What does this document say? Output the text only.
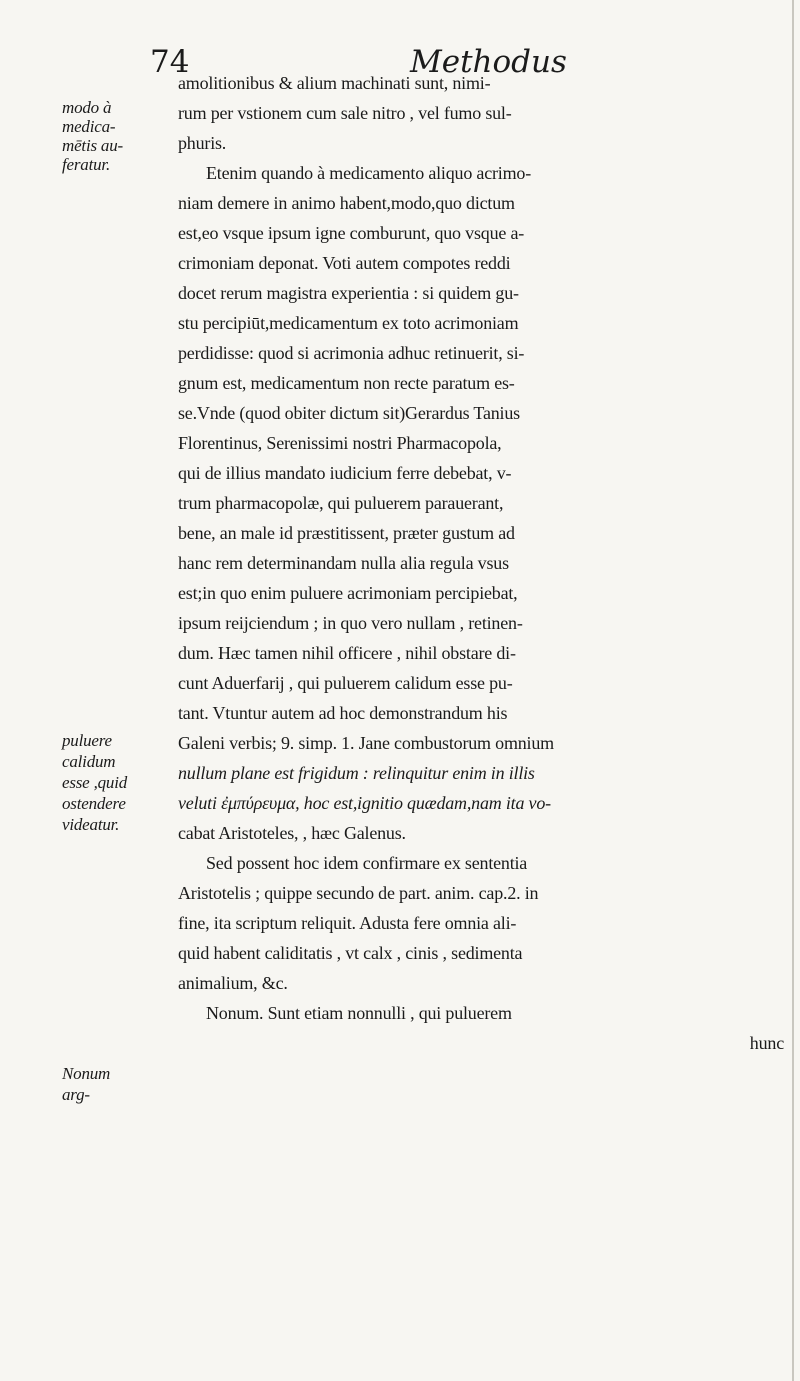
74	Methodus
modo à
medica-
mētis au-
feratur.
puluere
calidum
esse ,quid
ostendere
videatur.
Nonum
arg-
amolitionibus & alium machinati sunt, nimi-
rum per vstionem cum sale nitro , vel fumo sul-
phuris.
Etenim quando à medicamento aliquo acrimo-
niam demere in animo habent,modo,quo dictum
est,eo vsque ipsum igne comburunt, quo vsque a-
crimoniam deponat. Voti autem compotes reddi
docet rerum magistra experientia : si quidem gu-
stu percipiūt,medicamentum ex toto acrimoniam
perdidisse: quod si acrimonia adhuc retinuerit, si-
gnum est, medicamentum non recte paratum es-
se.Vnde (quod obiter dictum sit)Gerardus Tanius
Florentinus, Serenissimi nostri Pharmacopola,
qui de illius mandato iudicium ferre debebat, v-
trum pharmacopolæ, qui puluerem parauerant,
bene, an male id præstitissent, præter gustum ad
hanc rem determinandam nulla alia regula vsus
est;in quo enim puluere acrimoniam percipiebat,
ipsum reijciendum ; in quo vero nullam , retinen-
dum. Hæc tamen nihil officere , nihil obstare di-
cunt Aduerfarij , qui puluerem calidum esse pu-
tant. Vtuntur autem ad hoc demonstrandum his
Galeni verbis; 9. simp. 1. Jane combustorum omnium
nullum plane est frigidum : relinquitur enim in illis
veluti ἐμπύρευμα, hoc est,ignitio quædam,nam ita vo-
cabat Aristoteles, , hæc Galenus.
Sed possent hoc idem confirmare ex sententia
Aristotelis ; quippe secundo de part. anim. cap.2. in
fine, ita scriptum reliquit. Adusta fere omnia ali-
quid habent caliditatis , vt calx , cinis , sedimenta
animalium, &c.
Nonum. Sunt etiam nonnulli , qui puluerem
hunc
